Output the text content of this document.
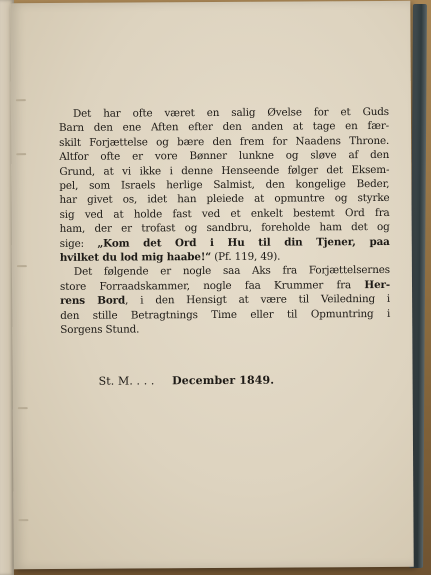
Det har ofte været en salig Øvelse for et Guds
Barn den ene Aften efter den anden at tage en fær-
skilt Forjættelse og bære den frem for Naadens Throne.
Altfor ofte er vore Bønner lunkne og sløve af den
Grund, at vi ikke i denne Henseende følger det Eksem-
pel, som Israels herlige Salmist, den kongelige Beder,
har givet os, idet han pleiede at opmuntre og styrke
sig ved at holde fast ved et enkelt bestemt Ord fra
ham, der er trofast og sandbru, foreholde ham det og
sige: „Kom det Ord i Hu til din Tjener, paa
hvilket du lod mig haabe!“ (Pf. 119, 49).
Det følgende er nogle saa Aks fra Forjættelsernes
store Forraadskammer, nogle faa Krummer fra Her-
rens Bord, i den Hensigt at være til Veiledning i
den stille Betragtnings Time eller til Opmuntring i
Sorgens Stund.
St. M. . . . December 1849.
